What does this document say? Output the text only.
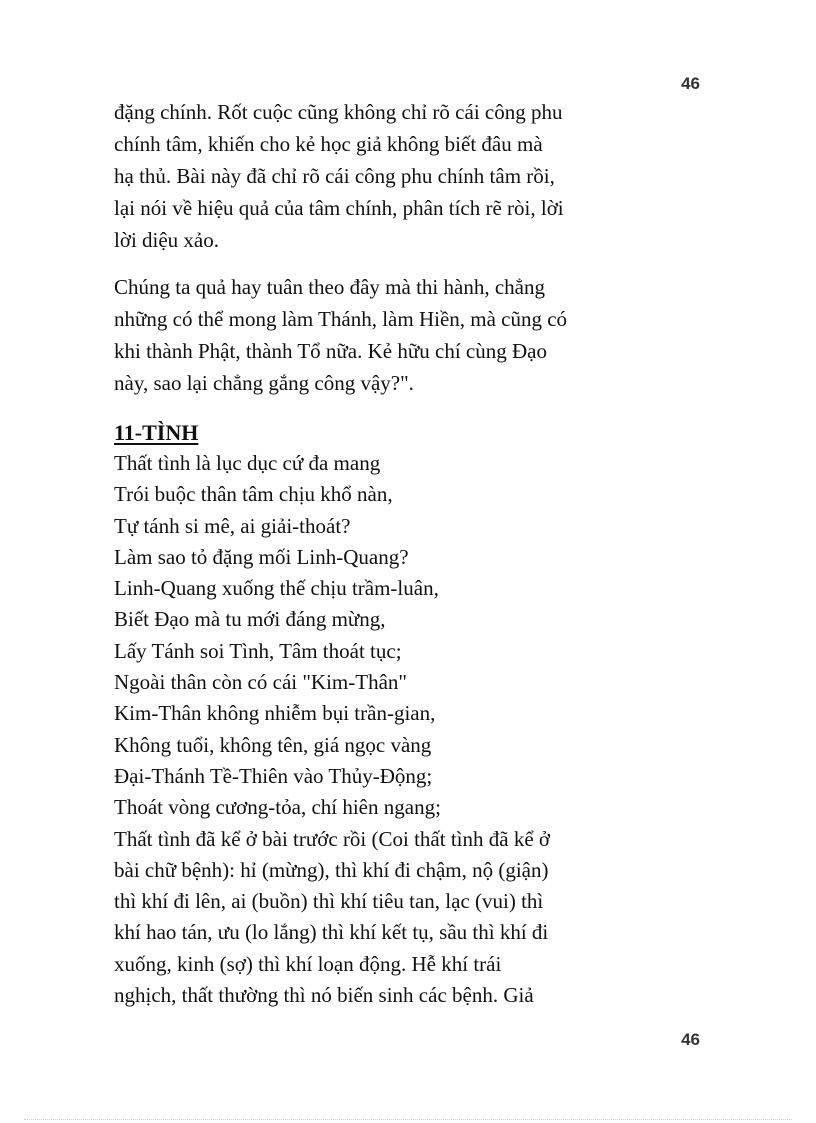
46

đặng chính. Rốt cuộc cũng không chỉ rõ cái công phu

chính tâm, khiến cho kẻ học giả không biết đâu mà

hạ thủ. Bài này đã chỉ rõ cái công phu chính tâm rồi,

lại nói về hiệu quả của tâm chính, phân tích rẽ ròi, lời

lời diệu xảo.

Chúng ta quả hay tuân theo đây mà thi hành, chẳng

những có thể mong làm Thánh, làm Hiền, mà cũng có

khi thành Phật, thành Tổ nữa. Kẻ hữu chí cùng Đạo

này, sao lại chẳng gắng công vậy?".

11-TÌNH

Thất tình là lục dục cứ đa mang

Trói buộc thân tâm chịu khổ nàn,

Tự tánh si mê, ai giải-thoát?

Làm sao tỏ đặng mối Linh-Quang?

Linh-Quang xuống thế chịu trầm-luân,

Biết Đạo mà tu mới đáng mừng,

Lấy Tánh soi Tình, Tâm thoát tục;

Ngoài thân còn có cái "Kim-Thân"

Kim-Thân không nhiễm bụi trần-gian,

Không tuổi, không tên, giá ngọc vàng

Đại-Thánh Tề-Thiên vào Thủy-Động;

Thoát vòng cương-tỏa, chí hiên ngang;

Thất tình đã kể ở bài trước rồi (Coi thất tình đã kể ở

bài chữ bệnh): hỉ (mừng), thì khí đi chậm, nộ (giận)

thì khí đi lên, ai (buồn) thì khí tiêu tan, lạc (vui) thì

khí hao tán, ưu (lo lắng) thì khí kết tụ, sầu thì khí đi

xuống, kinh (sợ) thì khí loạn động. Hễ khí trái

nghịch, thất thường thì nó biến sinh các bệnh. Giả

46
